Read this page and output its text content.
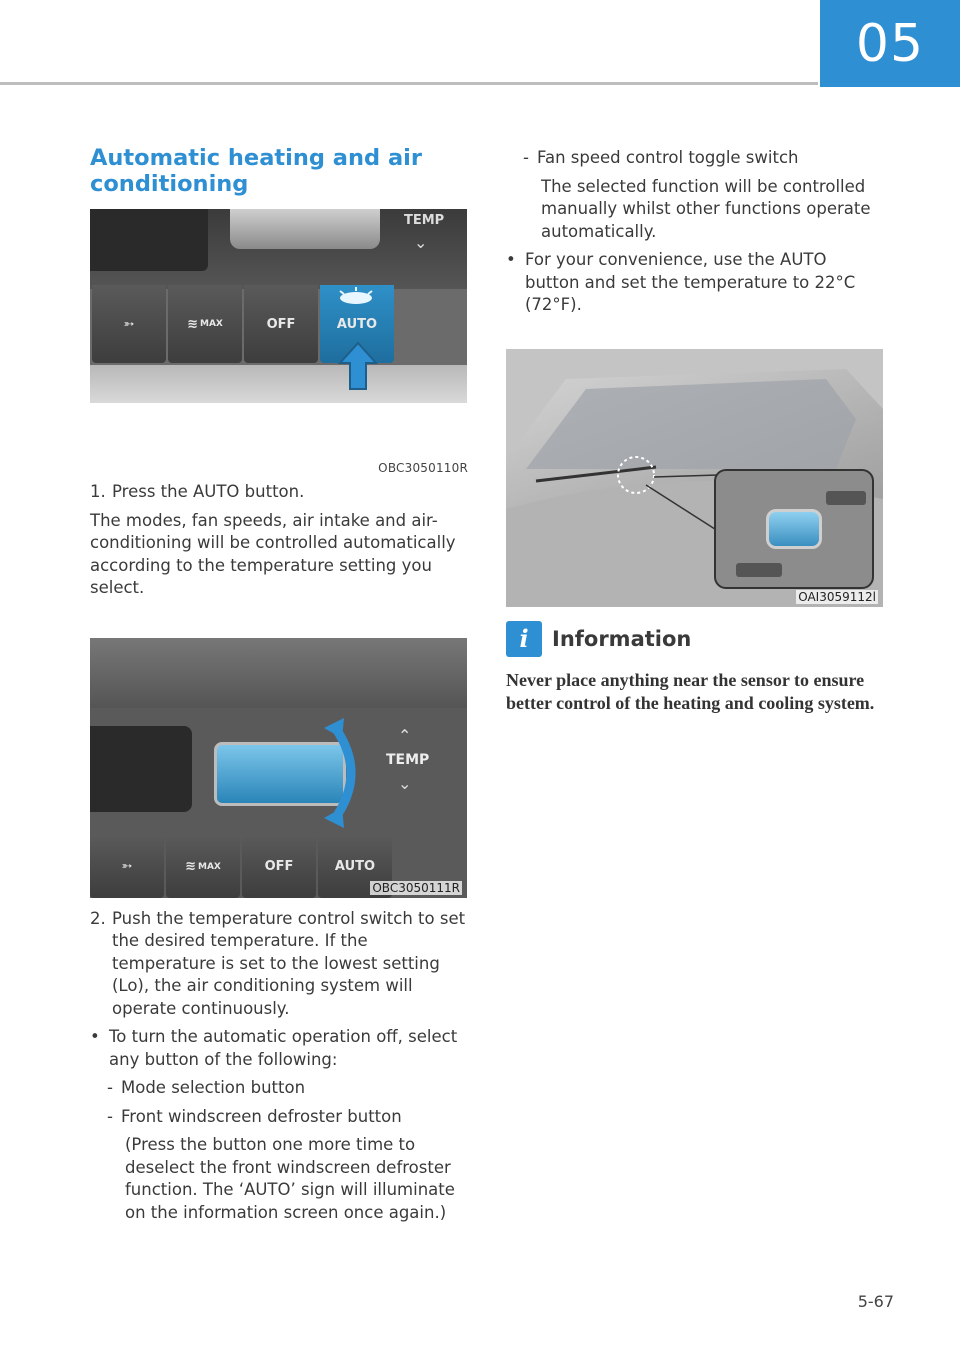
05
Automatic heating and air conditioning
TEMP
⌄
➳	≋ MAX	OFF	AUTO
OBC3050110R

1. Press the AUTO button.

The modes, fan speeds, air intake and air-conditioning will be controlled automatically according to the temperature setting you select.

⌃
TEMP
⌄
➳	≋ MAX	OFF	AUTO
OBC3050111R

2. Push the temperature control switch to set the desired temperature. If the temperature is set to the lowest setting (Lo), the air conditioning system will operate continuously.

• To turn the automatic operation off, select any button of the following:

- Mode selection button

- Front windscreen defroster button

(Press the button one more time to deselect the front windscreen defroster function. The ‘AUTO’ sign will illuminate on the information screen once again.)

- Fan speed control toggle switch

The selected function will be controlled manually whilst other functions operate automatically.

• For your convenience, use the AUTO button and set the temperature to 22°C (72°F).

OAI3059112l
i	Information

Never place anything near the sensor to ensure better control of the heating and cooling system.

5-67
